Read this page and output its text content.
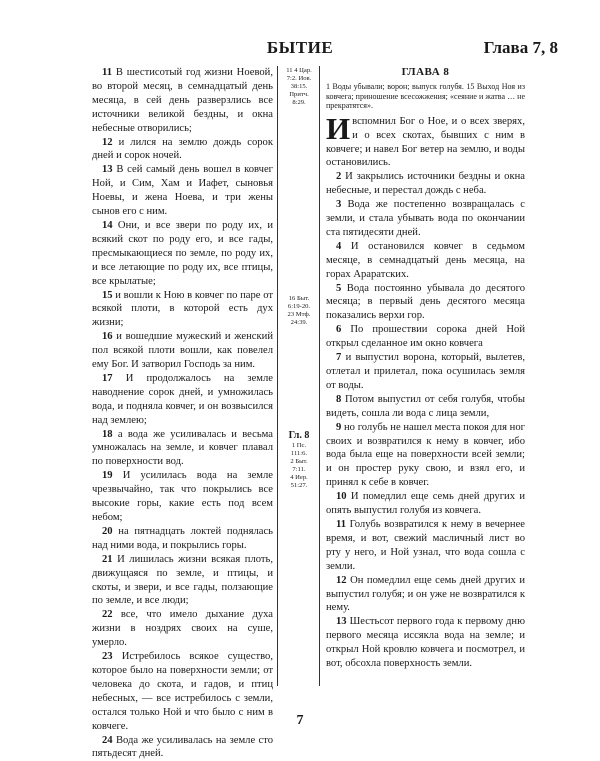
БЫТИЕ	Глава 7, 8

11 В шестисотый год жизни Ноевой, во второй месяц, в семнадцатый день месяца, в сей день разверзлись все источники великой бездны, и окна небесные отворились;

12 и лился на землю дождь сорок дней и сорок ночей.

13 В сей самый день вошел в ковчег Ной, и Сим, Хам и Иафет, сыновья Ноевы, и жена Ноева, и три жены сынов его с ним.

14 Они, и все звери по роду их, и всякий скот по роду его, и все гады, пресмыкающиеся по земле, по роду их, и все летающие по роду их, все птицы, все крылатые;

15 и вошли к Ною в ковчег по паре от всякой плоти, в которой есть дух жизни;

16 и вошедшие мужеский и женский пол всякой плоти вошли, как повелел ему Бог. И затворил Господь за ним.

17 И продолжалось на земле наводнение сорок дней, и умножилась вода, и подняла ковчег, и он возвысился над землею;

18 а вода же усиливалась и весьма умножалась на земле, и ковчег плавал по поверхности вод.

19 И усилилась вода на земле чрезвычайно, так что покрылись все высокие горы, какие есть под всем небом;

20 на пятнадцать локтей поднялась над ними вода, и покрылись горы.

21 И лишилась жизни всякая плоть, движущаяся по земле, и птицы, и скоты, и звери, и все гады, ползающие по земле, и все люди;

22 все, что имело дыхание духа жизни в ноздрях своих на суше, умерло.

23 Истребилось всякое существо, которое было на поверхности земли; от человека до скота, и гадов, и птиц небесных, — все истребилось с земли, остался только Ной и что было с ним в ковчеге.

24 Вода же усиливалась на земле сто пятьдесят дней.

11 4 Цар.
7:2. Иов.
38:15.
Притч.
8:29.
16 Быт.
6:19-20.
23 Мтф.
24:39.
Гл. 8
1 Пс.
111:6.
2 Быт.
7:11.
4 Иер.
51:27.
ГЛАВА 8
1 Воды убывали; ворон; выпуск голубя. 15 Выход Ноя из ковчега; приношение всесожжения; «сеяние и жатва … не прекратятся».

Ивспомнил Бог о Ное, и о всех зверях, и о всех скотах, бывших с ним в ковчеге; и навел Бог ветер на землю, и воды остановились.

2 И закрылись источники бездны и окна небесные, и перестал дождь с неба.

3 Вода же постепенно возвращалась с земли, и стала убывать вода по окончании ста пятидесяти дней.

4 И остановился ковчег в седьмом месяце, в семнадцатый день месяца, на горах Араратских.

5 Вода постоянно убывала до десятого месяца; в первый день десятого месяца показались верхи гор.

6 По прошествии сорока дней Ной открыл сделанное им окно ковчега

7 и выпустил ворона, который, вылетев, отлетал и прилетал, пока осушилась земля от воды.

8 Потом выпустил от себя голубя, чтобы видеть, сошла ли вода с лица земли,

9 но голубь не нашел места покоя для ног своих и возвратился к нему в ковчег, ибо вода была еще на поверхности всей земли; и он простер руку свою, и взял его, и принял к себе в ковчег.

10 И помедлил еще семь дней других и опять выпустил голубя из ковчега.

11 Голубь возвратился к нему в вечернее время, и вот, свежий масличный лист во рту у него, и Ной узнал, что вода сошла с земли.

12 Он помедлил еще семь дней других и выпустил голубя; и он уже не возвратился к нему.

13 Шестьсот первого года к первому дню первого месяца иссякла вода на земле; и открыл Ной кровлю ковчега и посмотрел, и вот, обсохла поверхность земли.

7
